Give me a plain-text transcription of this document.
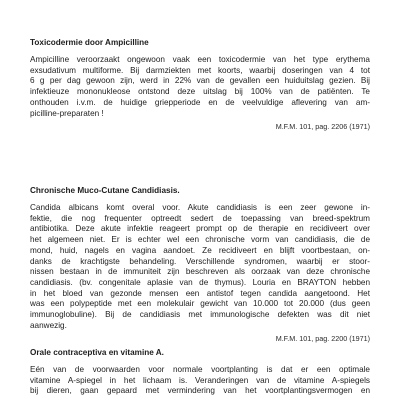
Toxicodermie door Ampicilline
Ampicilline veroorzaakt ongewoon vaak een toxicodermie van het type erythema
exsudativum multiforme. Bij darmziekten met koorts, waarbij doseringen van 4 tot
6 g per dag gewoon zijn, werd in 22% van de gevallen een huiduitslag gezien. Bij
infektieuze mononukleose ontstond deze uitslag bij 100% van de patiënten. Te
onthouden i.v.m. de huidige griepperiode en de veelvuldige aflevering van am-
picilline-preparaten !
M.F.M. 101, pag. 2206 (1971)
Chronische Muco-Cutane Candidiasis.
Candida albicans komt overal voor. Akute candidiasis is een zeer gewone in-
fektie, die nog frequenter optreedt sedert de toepassing van breed-spektrum
antibiotika. Deze akute infektie reageert prompt op de therapie en recidiveert over
het algemeen niet. Er is echter wel een chronische vorm van candidiasis, die de
mond, huid, nagels en vagina aandoet. Ze recidiveert en blijft voortbestaan, on-
danks de krachtigste behandeling. Verschillende syndromen, waarbij er stoor-
nissen bestaan in de immuniteit zijn beschreven als oorzaak van deze chronische
candidiasis. (bv. congenitale aplasie van de thymus). Louria en BRAYTON hebben
in het bloed van gezonde mensen een antistof tegen candida aangetoond. Het
was een polypeptide met een molekulair gewicht van 10.000 tot 20.000 (dus geen
immunoglobuline). Bij de candidiasis met immunologische defekten was dit niet
aanwezig.
M.F.M. 101, pag. 2200 (1971)
Orale contraceptiva en vitamine A.
Eén van de voorwaarden voor normale voortplanting is dat er een optimale
vitamine A-spiegel in het lichaam is. Veranderingen van de vitamine A-spiegels
bij dieren, gaan gepaard met vermindering van het voortplantingsvermogen en
